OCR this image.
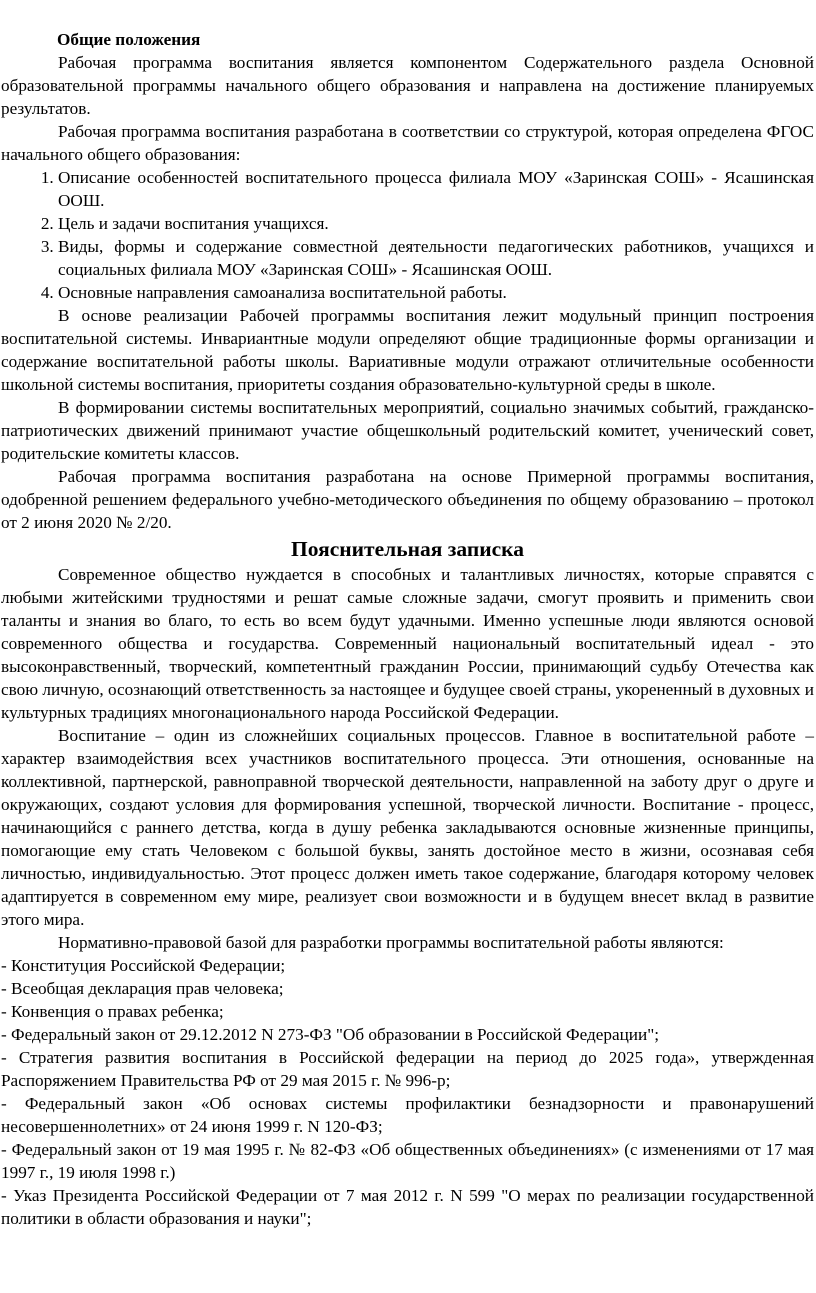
Общие положения

Рабочая программа воспитания является компонентом Содержательного раздела Основной образовательной программы начального общего образования и направлена на достижение планируемых результатов.

Рабочая программа воспитания разработана в соответствии со структурой, которая определена ФГОС начального общего образования:

1. Описание особенностей воспитательного процесса филиала МОУ «Заринская СОШ» - Ясашинская ООШ.
2. Цель и задачи воспитания учащихся.
3. Виды, формы и содержание совместной деятельности педагогических работников, учащихся и социальных филиала МОУ «Заринская СОШ» - Ясашинская ООШ.
4. Основные направления самоанализа воспитательной работы.

В основе реализации Рабочей программы воспитания лежит модульный принцип построения воспитательной системы. Инвариантные модули определяют общие традиционные формы организации и содержание воспитательной работы школы. Вариативные модули отражают отличительные особенности школьной системы воспитания, приоритеты создания образовательно-культурной среды в школе.

В формировании системы воспитательных мероприятий, социально значимых событий, гражданско-патриотических движений принимают участие общешкольный родительский комитет, ученический совет, родительские комитеты классов.

Рабочая программа воспитания разработана на основе Примерной программы воспитания, одобренной решением федерального учебно-методического объединения по общему образованию – протокол от 2 июня 2020 № 2/20.

Пояснительная записка

Современное общество нуждается в способных и талантливых личностях, которые справятся с любыми житейскими трудностями и решат самые сложные задачи, смогут проявить и применить свои таланты и знания во благо, то есть во всем будут удачными. Именно успешные люди являются основой современного общества и государства. Современный национальный воспитательный идеал - это высоконравственный, творческий, компетентный гражданин России, принимающий судьбу Отечества как свою личную, осознающий ответственность за настоящее и будущее своей страны, укорененный в духовных и культурных традициях многонационального народа Российской Федерации.

Воспитание – один из сложнейших социальных процессов. Главное в воспитательной работе – характер взаимодействия всех участников воспитательного процесса. Эти отношения, основанные на коллективной, партнерской, равноправной творческой деятельности, направленной на заботу друг о друге и окружающих, создают условия для формирования успешной, творческой личности. Воспитание - процесс, начинающийся с раннего детства, когда в душу ребенка закладываются основные жизненные принципы, помогающие ему стать Человеком с большой буквы, занять достойное место в жизни, осознавая себя личностью, индивидуальностью. Этот процесс должен иметь такое содержание, благодаря которому человек адаптируется в современном ему мире, реализует свои возможности и в будущем внесет вклад в развитие этого мира.

Нормативно-правовой базой для разработки программы воспитательной работы являются:

- Конституция Российской Федерации;

- Всеобщая декларация прав человека;

- Конвенция о правах ребенка;

- Федеральный закон от 29.12.2012 N 273-ФЗ "Об образовании в Российской Федерации";

- Стратегия развития воспитания в Российской федерации на период до 2025 года», утвержденная Распоряжением Правительства РФ от 29 мая 2015 г. № 996-р;

- Федеральный закон «Об основах системы профилактики безнадзорности и правонарушений несовершеннолетних» от 24 июня 1999 г. N 120-ФЗ;

- Федеральный закон от 19 мая 1995 г. № 82-ФЗ «Об общественных объединениях» (с изменениями от 17 мая 1997 г., 19 июля 1998 г.)

- Указ Президента Российской Федерации от 7 мая 2012 г. N 599 "О мерах по реализации государственной политики в области образования и науки";
